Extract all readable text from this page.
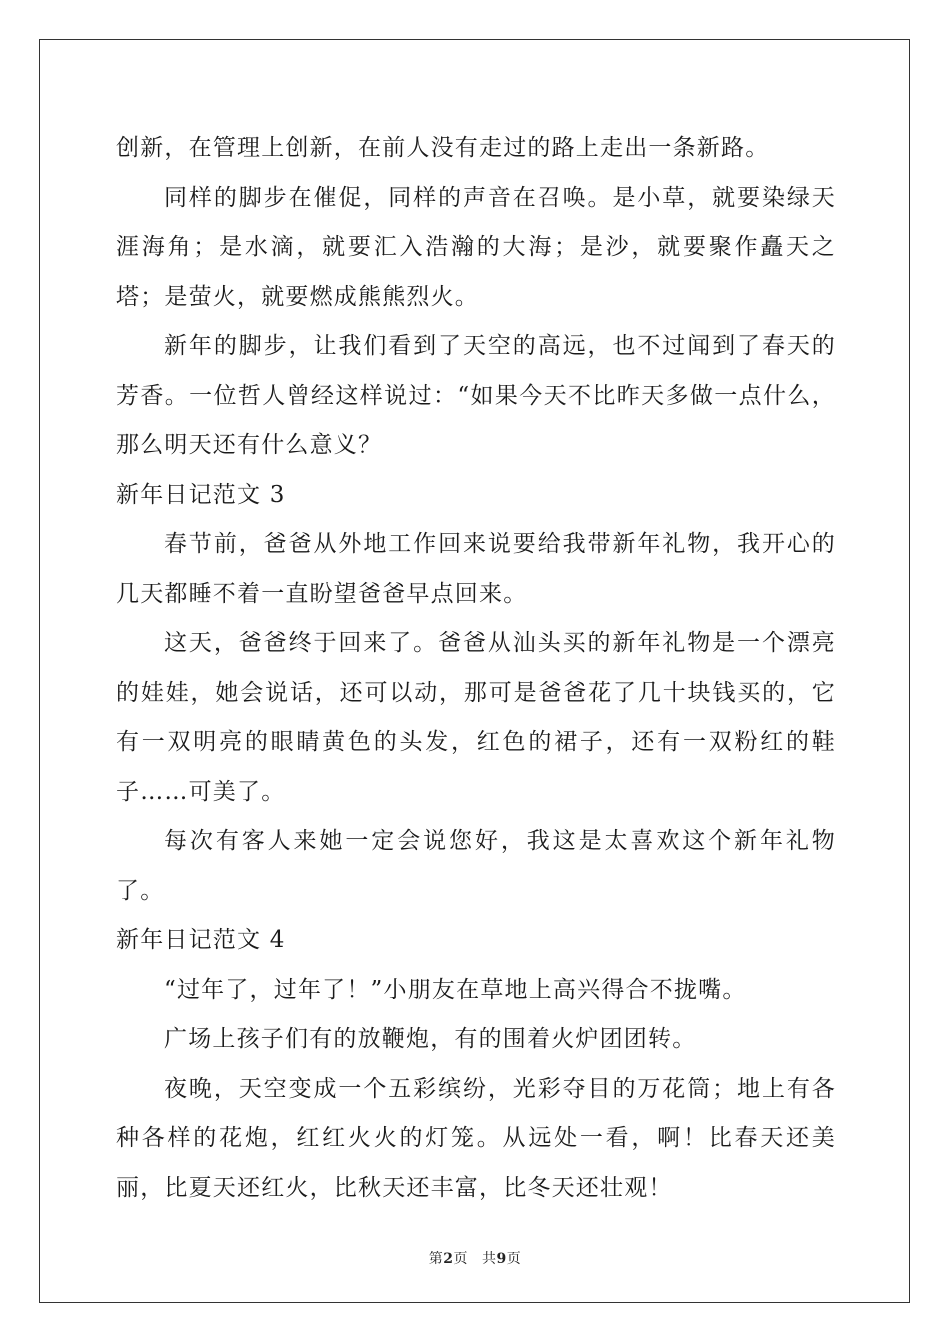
创新，在管理上创新，在前人没有走过的路上走出一条新路。

同样的脚步在催促，同样的声音在召唤。是小草，就要染绿天涯海角；是水滴，就要汇入浩瀚的大海；是沙，就要聚作矗天之塔；是萤火，就要燃成熊熊烈火。

新年的脚步，让我们看到了天空的高远，也不过闻到了春天的芳香。一位哲人曾经这样说过：“如果今天不比昨天多做一点什么，那么明天还有什么意义？

新年日记范文 3

春节前，爸爸从外地工作回来说要给我带新年礼物，我开心的几天都睡不着一直盼望爸爸早点回来。

这天，爸爸终于回来了。爸爸从汕头买的新年礼物是一个漂亮的娃娃，她会说话，还可以动，那可是爸爸花了几十块钱买的，它有一双明亮的眼睛黄色的头发，红色的裙子，还有一双粉红的鞋子……可美了。

每次有客人来她一定会说您好，我这是太喜欢这个新年礼物了。

新年日记范文 4

“过年了，过年了！”小朋友在草地上高兴得合不拢嘴。

广场上孩子们有的放鞭炮，有的围着火炉团团转。

夜晚，天空变成一个五彩缤纷，光彩夺目的万花筒；地上有各种各样的花炮，红红火火的灯笼。从远处一看，啊！比春天还美丽，比夏天还红火，比秋天还丰富，比冬天还壮观！

第2页 共9页
